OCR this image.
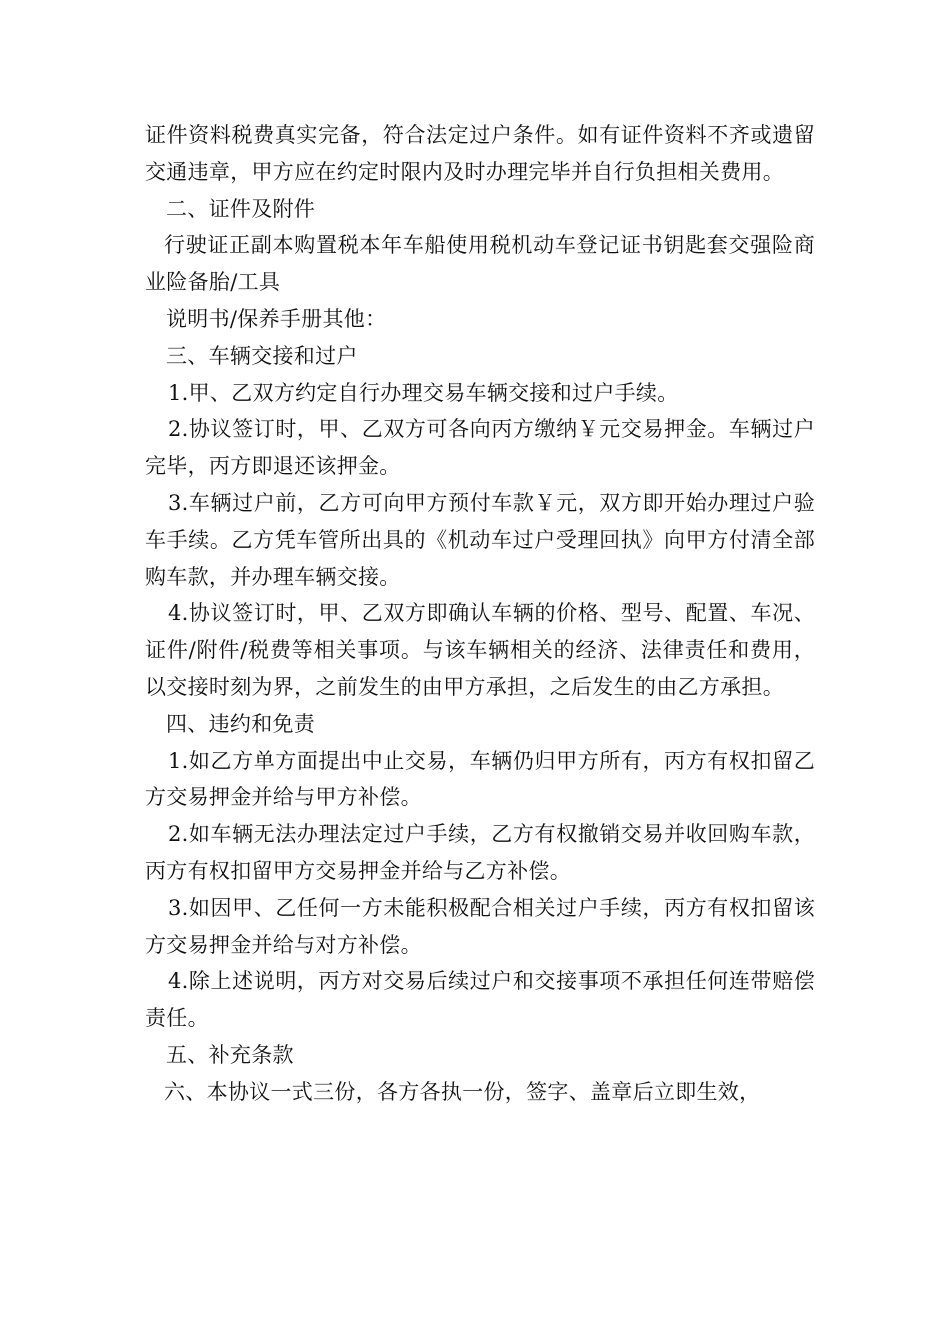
证件资料税费真实完备，符合法定过户条件。如有证件资料不齐或遗留交通违章，甲方应在约定时限内及时办理完毕并自行负担相关费用。

二、证件及附件

行驶证正副本购置税本年车船使用税机动车登记证书钥匙套交强险商业险备胎/工具

说明书/保养手册其他：

三、车辆交接和过户

1.甲、乙双方约定自行办理交易车辆交接和过户手续。

2.协议签订时，甲、乙双方可各向丙方缴纳￥元交易押金。车辆过户完毕，丙方即退还该押金。

3.车辆过户前，乙方可向甲方预付车款￥元，双方即开始办理过户验车手续。乙方凭车管所出具的《机动车过户受理回执》向甲方付清全部购车款，并办理车辆交接。

4.协议签订时，甲、乙双方即确认车辆的价格、型号、配置、车况、证件/附件/税费等相关事项。与该车辆相关的经济、法律责任和费用，以交接时刻为界，之前发生的由甲方承担，之后发生的由乙方承担。

四、违约和免责

1.如乙方单方面提出中止交易，车辆仍归甲方所有，丙方有权扣留乙方交易押金并给与甲方补偿。

2.如车辆无法办理法定过户手续，乙方有权撤销交易并收回购车款，丙方有权扣留甲方交易押金并给与乙方补偿。

3.如因甲、乙任何一方未能积极配合相关过户手续，丙方有权扣留该方交易押金并给与对方补偿。

4.除上述说明，丙方对交易后续过户和交接事项不承担任何连带赔偿责任。

五、补充条款

六、本协议一式三份，各方各执一份，签字、盖章后立即生效，
